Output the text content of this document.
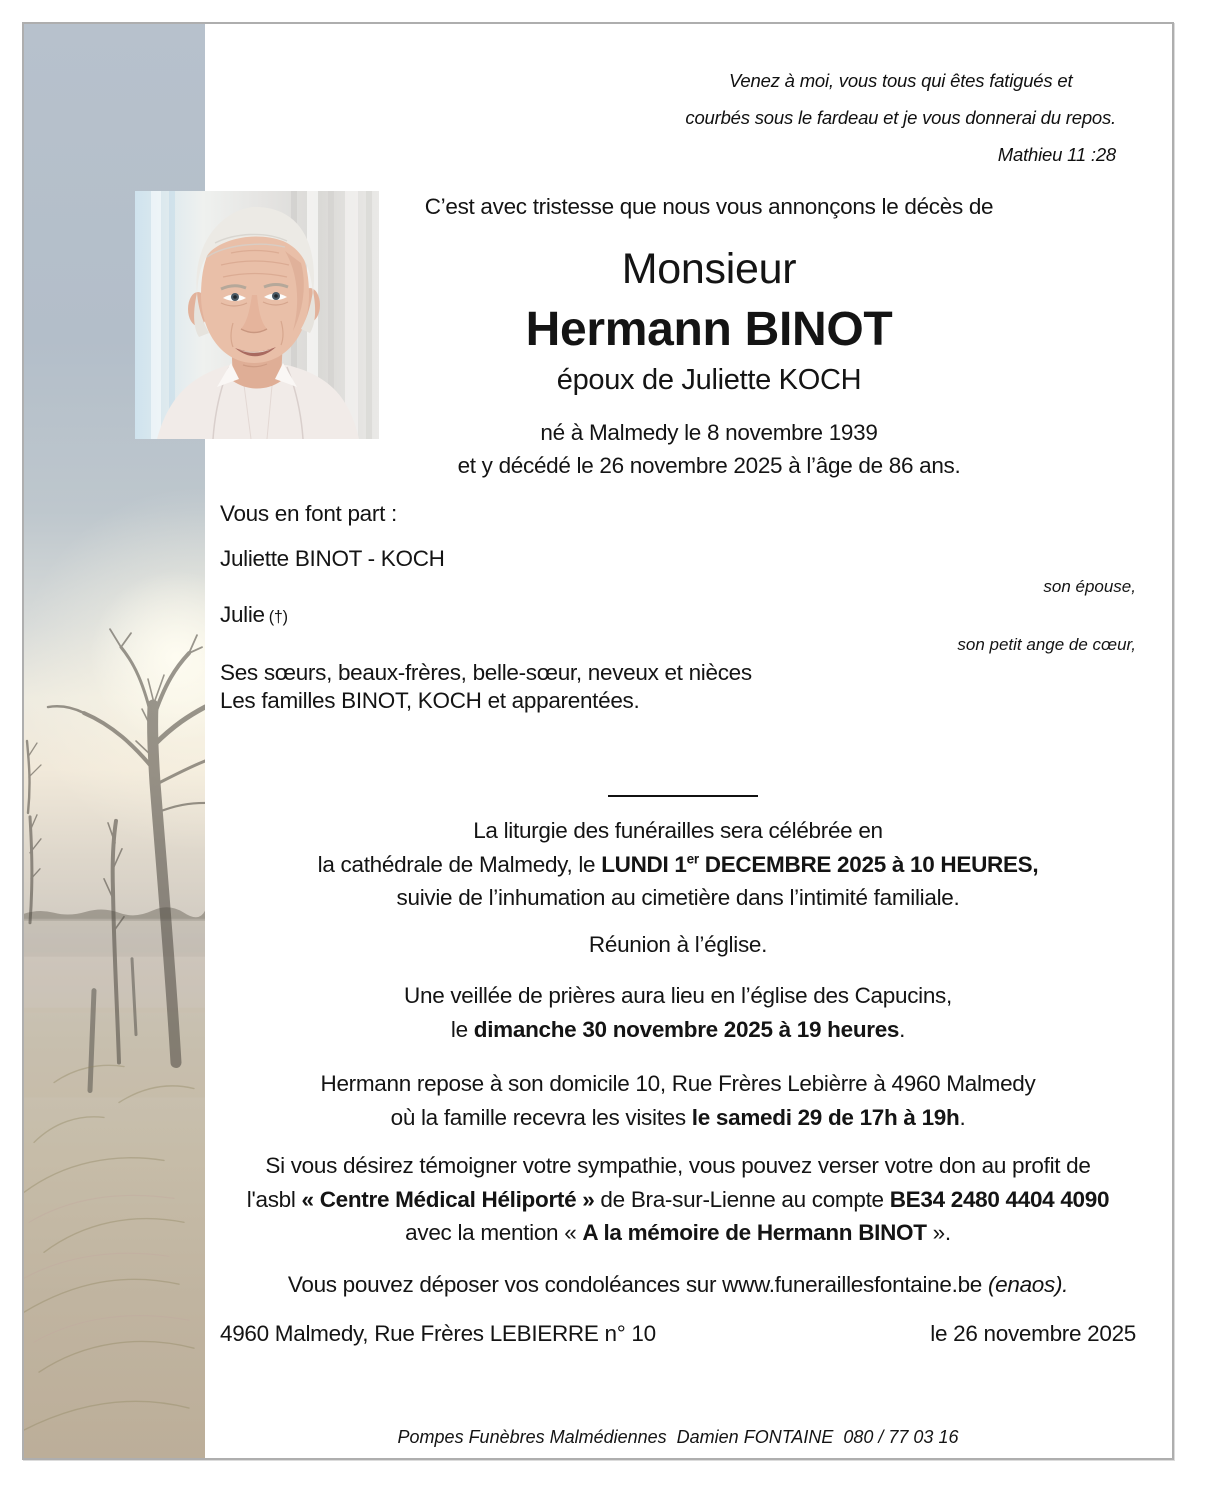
Venez à moi, vous tous qui êtes fatigués et
courbés sous le fardeau et je vous donnerai du repos.
Mathieu 11 :28
C’est avec tristesse que nous vous annonçons le décès de
Monsieur
Hermann BINOT
époux de Juliette KOCH
né à Malmedy le 8 novembre 1939
et y décédé le 26 novembre 2025 à l’âge de 86 ans.
Vous en font part :
Juliette BINOT - KOCH
son épouse,
Julie (†)
son petit ange de cœur,
Ses sœurs, beaux-frères, belle-sœur, neveux et nièces
Les familles BINOT, KOCH et apparentées.
La liturgie des funérailles sera célébrée en
la cathédrale de Malmedy, le LUNDI 1er DECEMBRE 2025 à 10 HEURES,
suivie de l’inhumation au cimetière dans l’intimité familiale.
Réunion à l’église.
Une veillée de prières aura lieu en l’église des Capucins,
le dimanche 30 novembre 2025 à 19 heures.
Hermann repose à son domicile 10, Rue Frères Lebièrre à 4960 Malmedy
où la famille recevra les visites le samedi 29 de 17h à 19h.
Si vous désirez témoigner votre sympathie, vous pouvez verser votre don au profit de
l'asbl « Centre Médical Héliporté » de Bra-sur-Lienne au compte BE34 2480 4404 4090
avec la mention « A la mémoire de Hermann BINOT ».
Vous pouvez déposer vos condoléances sur www.funeraillesfontaine.be (enaos).
4960 Malmedy, Rue Frères LEBIERRE n° 10	le 26 novembre 2025
Pompes Funèbres Malmédiennes  Damien FONTAINE  080 / 77 03 16
